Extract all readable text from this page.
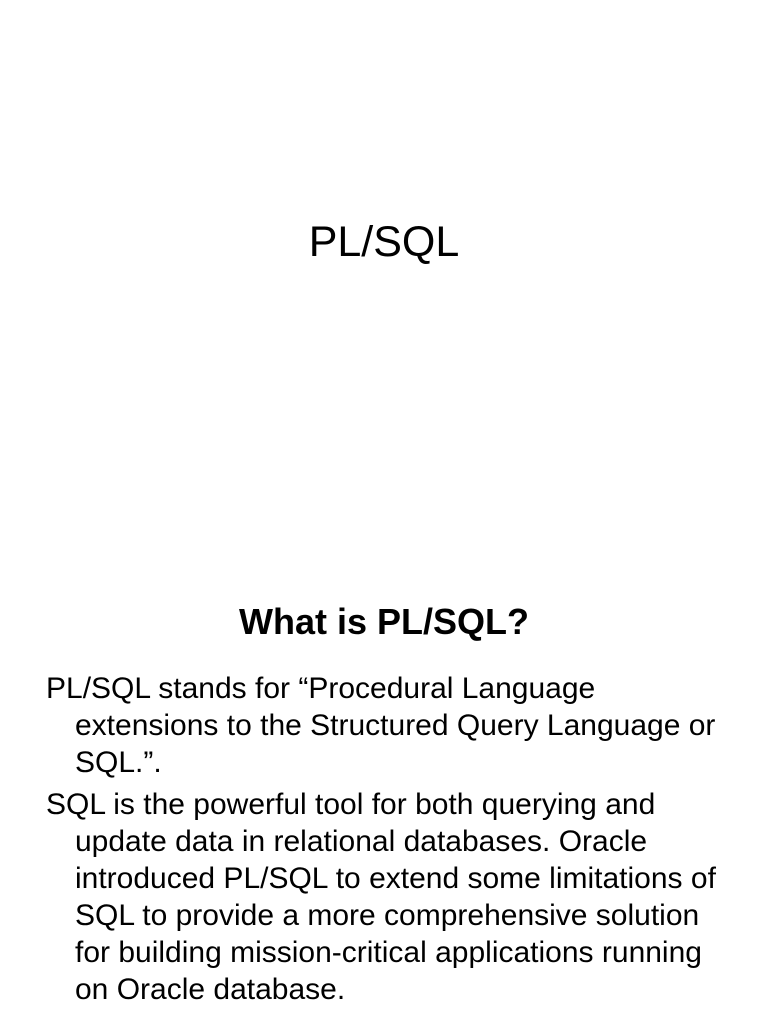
PL/SQL
What is PL/SQL?
PL/SQL stands for “Procedural Language extensions to the Structured Query Language or SQL.”.
SQL is the powerful tool for both querying and update data in relational databases. Oracle introduced PL/SQL to extend some limitations of SQL to provide a more comprehensive solution for building mission-critical applications running on Oracle database.
